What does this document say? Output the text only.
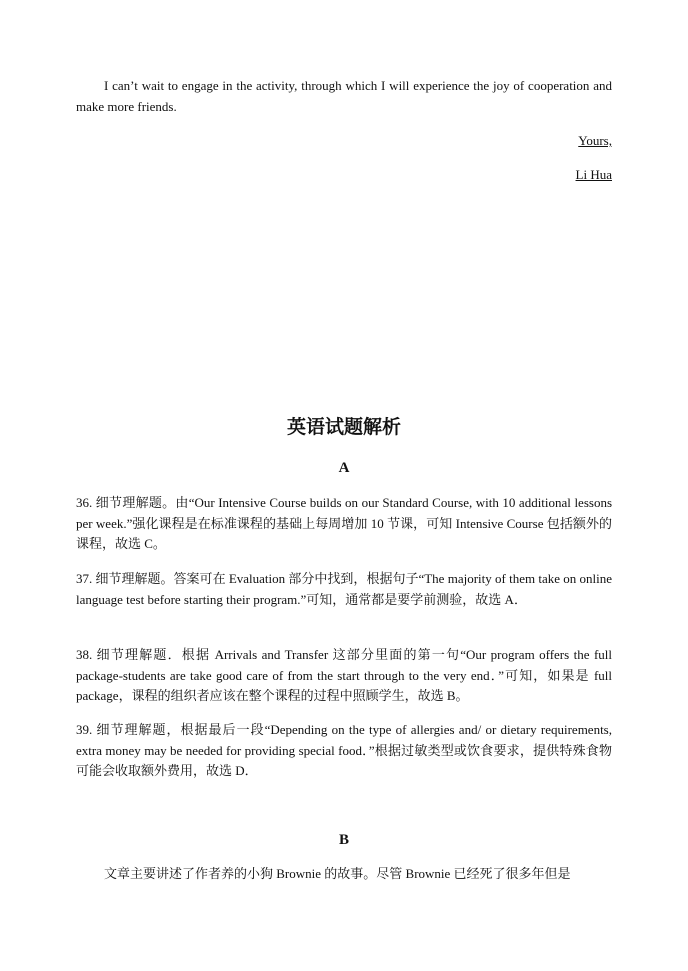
I can’t wait to engage in the activity, through which I will experience the joy of cooperation and make more friends.

Yours,

Li Hua

英语试题解析
A

36. 细节理解题。由“Our Intensive Course builds on our Standard Course, with 10 additional lessons per week.”强化课程是在标准课程的基础上每周增加 10 节课，可知 Intensive Course 包括额外的课程，故选 C。

37. 细节理解题。答案可在 Evaluation 部分中找到，根据句子“The majority of them take on online language test before starting their program.”可知，通常都是要学前测验，故选 A．

38. 细节理解题．根据 Arrivals and Transfer 这部分里面的第一句“Our program offers the full package-students are take good care of from the start through to the very end．”可知，如果是 full package，课程的组织者应该在整个课程的过程中照顾学生，故选 B。

39. 细节理解题，根据最后一段“Depending on the type of allergies and/ or dietary requirements, extra money may be needed for providing special food．”根据过敏类型或饮食要求，提供特殊食物可能会收取额外费用，故选 D．

B

文章主要讲述了作者养的小狗 Brownie 的故事。尽管 Brownie 已经死了很多年但是
